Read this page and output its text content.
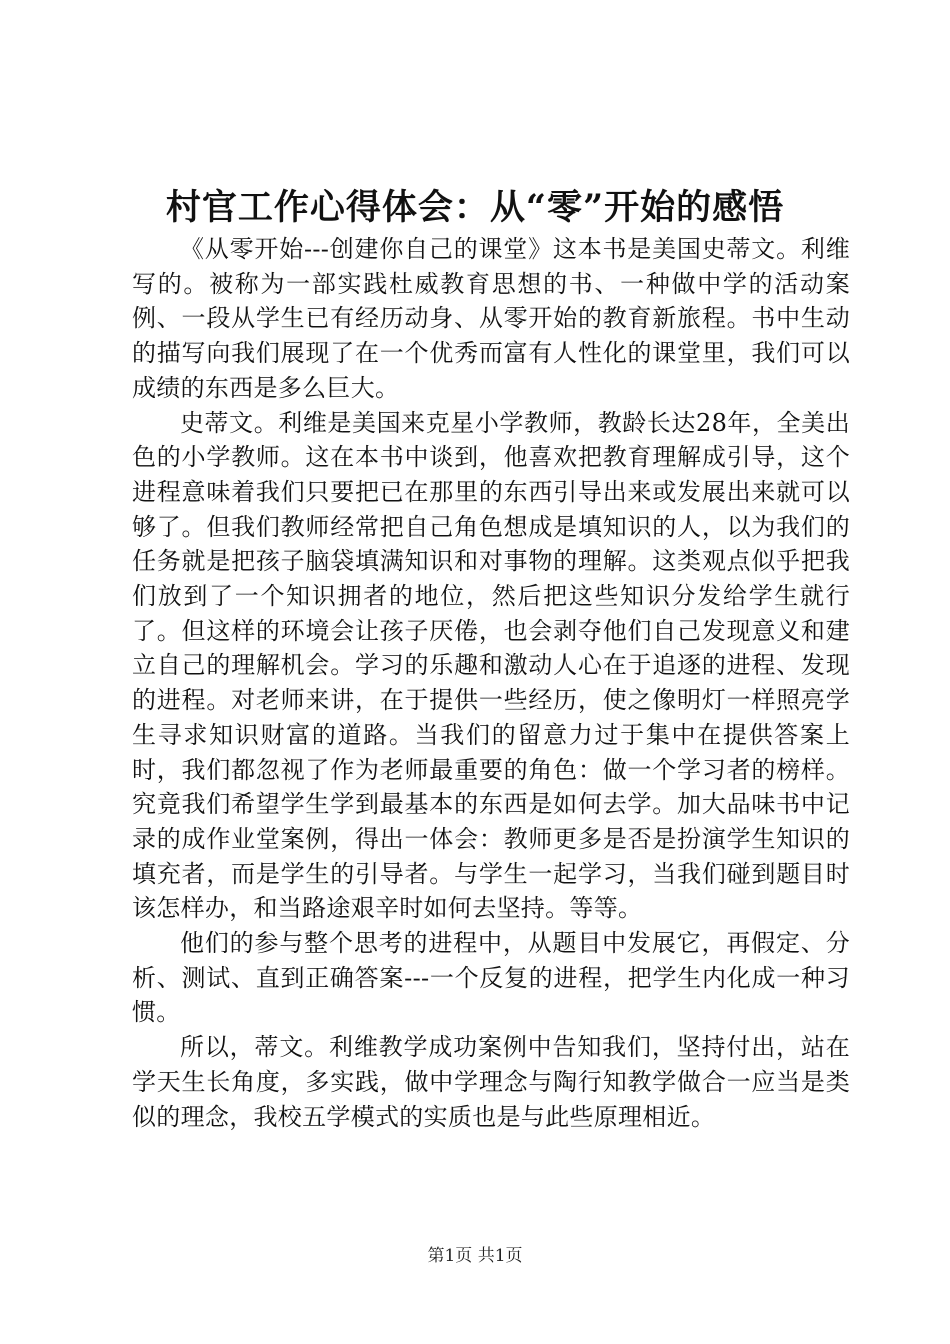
村官工作心得体会：从“零”开始的感悟

《从零开始---创建你自己的课堂》这本书是美国史蒂文。利维写的。被称为一部实践杜威教育思想的书、一种做中学的活动案例、一段从学生已有经历动身、从零开始的教育新旅程。书中生动的描写向我们展现了在一个优秀而富有人性化的课堂里，我们可以成绩的东西是多么巨大。

史蒂文。利维是美国来克星小学教师，教龄长达28年，全美出色的小学教师。这在本书中谈到，他喜欢把教育理解成引导，这个进程意味着我们只要把已在那里的东西引导出来或发展出来就可以够了。但我们教师经常把自己角色想成是填知识的人，以为我们的任务就是把孩子脑袋填满知识和对事物的理解。这类观点似乎把我们放到了一个知识拥者的地位，然后把这些知识分发给学生就行了。但这样的环境会让孩子厌倦，也会剥夺他们自己发现意义和建立自己的理解机会。学习的乐趣和激动人心在于追逐的进程、发现的进程。对老师来讲，在于提供一些经历，使之像明灯一样照亮学生寻求知识财富的道路。当我们的留意力过于集中在提供答案上时，我们都忽视了作为老师最重要的角色：做一个学习者的榜样。究竟我们希望学生学到最基本的东西是如何去学。加大品味书中记录的成作业堂案例，得出一体会：教师更多是否是扮演学生知识的填充者，而是学生的引导者。与学生一起学习，当我们碰到题目时该怎样办，和当路途艰辛时如何去坚持。等等。

他们的参与整个思考的进程中，从题目中发展它，再假定、分析、测试、直到正确答案---一个反复的进程，把学生内化成一种习惯。

所以，蒂文。利维教学成功案例中告知我们，坚持付出，站在学天生长角度，多实践，做中学理念与陶行知教学做合一应当是类似的理念，我校五学模式的实质也是与此些原理相近。

第1页 共1页
